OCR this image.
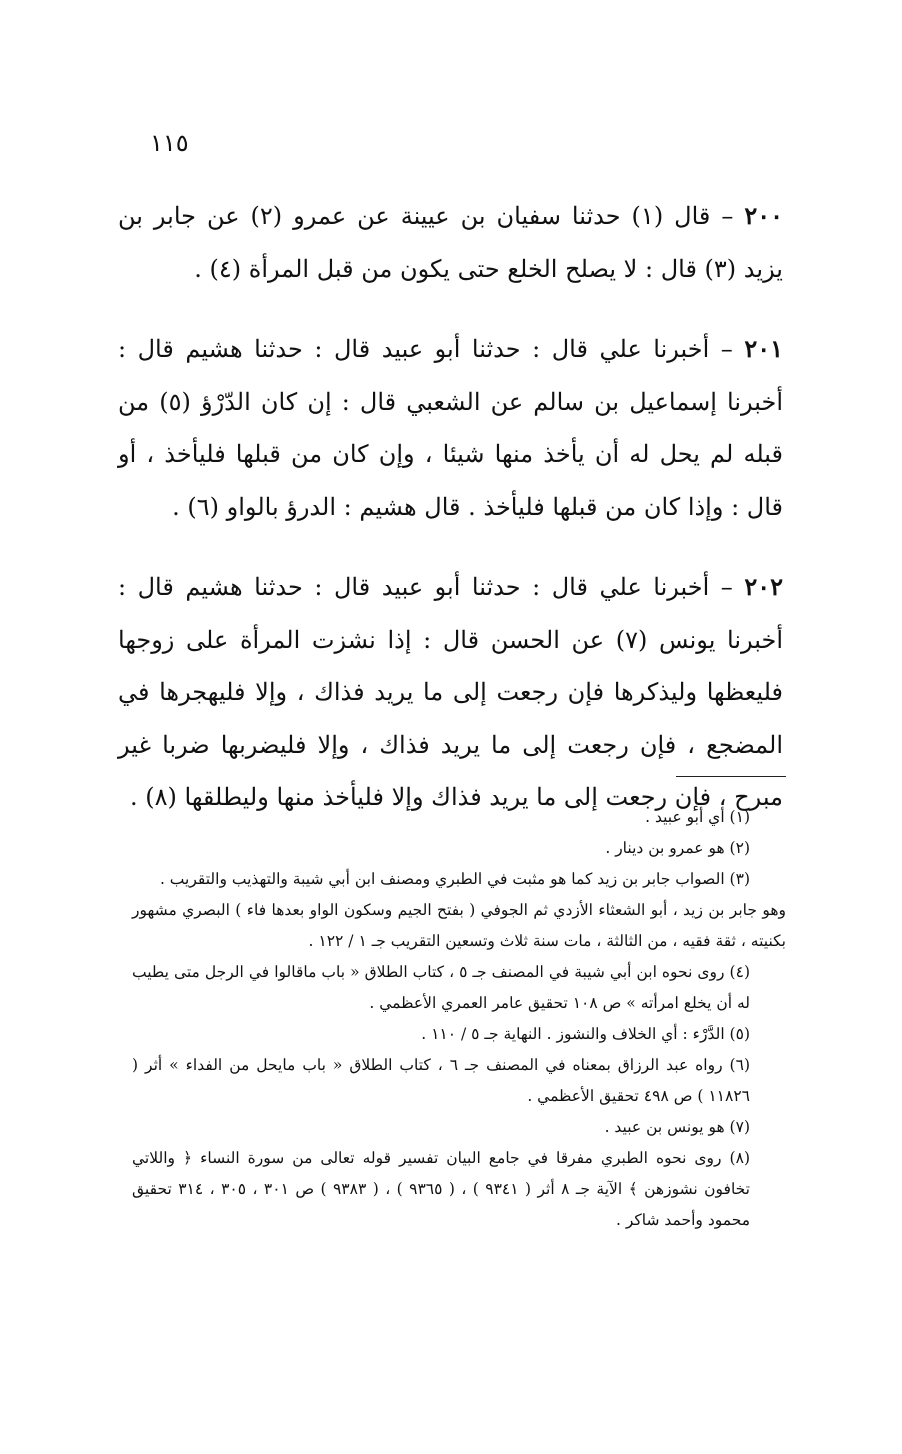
١١٥

٢٠٠ – قال (١) حدثنا سفيان بن عيينة عن عمرو (٢) عن جابر بن يزيد (٣) قال : لا يصلح الخلع حتى يكون من قبل المرأة (٤) .

٢٠١ – أخبرنا علي قال : حدثنا أبو عبيد قال : حدثنا هشيم قال : أخبرنا إسماعيل بن سالم عن الشعبي قال : إن كان الدّرْؤ (٥) من قبله لم يحل له أن يأخذ منها شيئا ، وإن كان من قبلها فليأخذ ، أو قال : وإذا كان من قبلها فليأخذ . قال هشيم : الدرؤ بالواو (٦) .

٢٠٢ – أخبرنا علي قال : حدثنا أبو عبيد قال : حدثنا هشيم قال : أخبرنا يونس (٧) عن الحسن قال : إذا نشزت المرأة على زوجها فليعظها وليذكرها فإن رجعت إلى ما يريد فذاك ، وإلا فليهجرها في المضجع ، فإن رجعت إلى ما يريد فذاك ، وإلا فليضربها ضربا غير مبرح ، فإن رجعت إلى ما يريد فذاك وإلا فليأخذ منها وليطلقها (٨) .

(١) أي أبو عبيد .

(٢) هو عمرو بن دينار .

(٣) الصواب جابر بن زيد كما هو مثبت في الطبري ومصنف ابن أبي شيبة والتهذيب والتقريب .

وهو جابر بن زيد ، أبو الشعثاء الأزدي ثم الجوفي ( بفتح الجيم وسكون الواو بعدها فاء ) البصري مشهور بكنيته ، ثقة فقيه ، من الثالثة ، مات سنة ثلاث وتسعين التقريب جـ ١ / ١٢٢ .

(٤) روى نحوه ابن أبي شيبة في المصنف جـ ٥ ، كتاب الطلاق « باب ماقالوا في الرجل متى يطيب له أن يخلع امرأته » ص ١٠٨ تحقيق عامر العمري الأعظمي .

(٥) الدَّرْء : أي الخلاف والنشوز . النهاية جـ ٥ / ١١٠ .

(٦) رواه عبد الرزاق بمعناه في المصنف جـ ٦ ، كتاب الطلاق « باب مايحل من الفداء » أثر ( ١١٨٢٦ ) ص ٤٩٨ تحقيق الأعظمي .

(٧) هو يونس بن عبيد .

(٨) روى نحوه الطبري مفرقا في جامع البيان تفسير قوله تعالى من سورة النساء ﴿ واللاتي تخافون نشوزهن ﴾ الآية جـ ٨ أثر ( ٩٣٤١ ) ، ( ٩٣٦٥ ) ، ( ٩٣٨٣ ) ص ٣٠١ ، ٣٠٥ ، ٣١٤ تحقيق محمود وأحمد شاكر .
